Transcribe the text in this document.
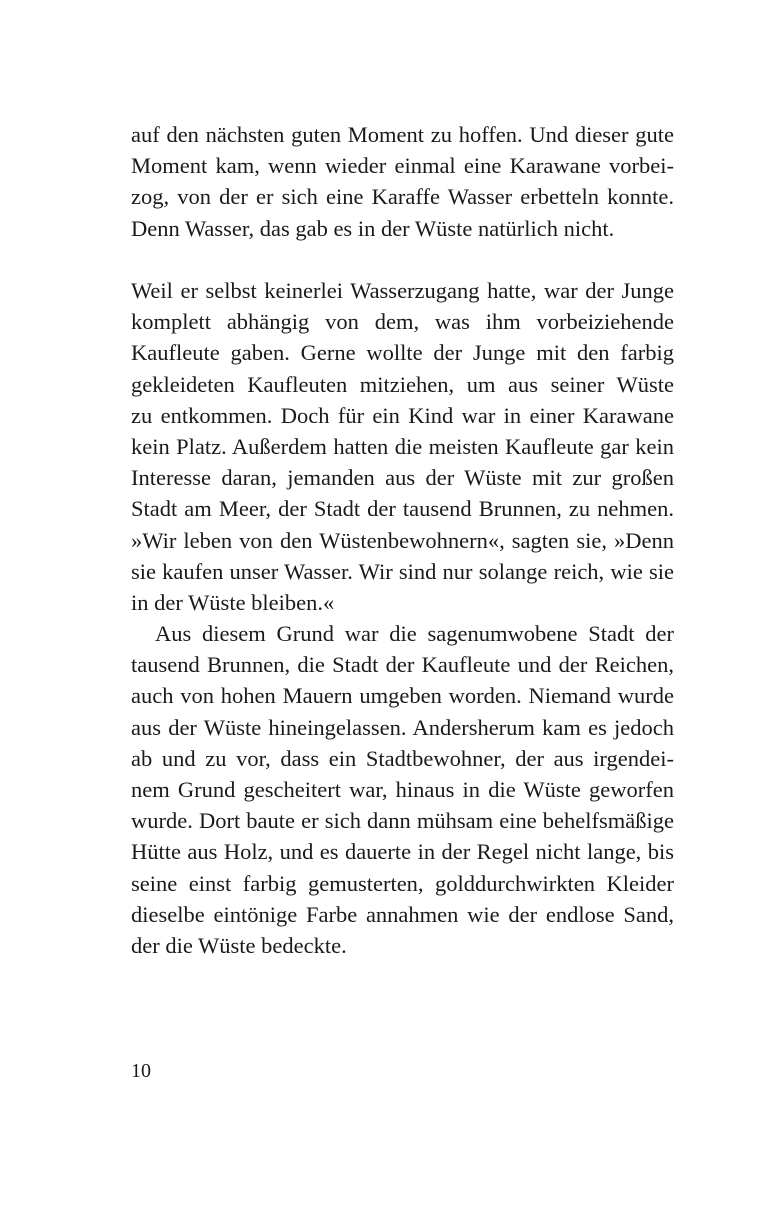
auf den nächsten guten Moment zu hoffen. Und dieser gute
Moment kam, wenn wieder einmal eine Karawane vorbei-
zog, von der er sich eine Karaffe Wasser erbetteln konnte.
Denn Wasser, das gab es in der Wüste natürlich nicht.
Weil er selbst keinerlei Wasserzugang hatte, war der Junge
komplett abhängig von dem, was ihm vorbeiziehende
Kaufleute gaben. Gerne wollte der Junge mit den farbig
gekleideten Kaufleuten mitziehen, um aus seiner Wüste
zu entkommen. Doch für ein Kind war in einer Karawane
kein Platz. Außerdem hatten die meisten Kaufleute gar kein
Interesse daran, jemanden aus der Wüste mit zur großen
Stadt am Meer, der Stadt der tausend Brunnen, zu nehmen.
»Wir leben von den Wüstenbewohnern«, sagten sie, »Denn
sie kaufen unser Wasser. Wir sind nur solange reich, wie sie
in der Wüste bleiben.«
Aus diesem Grund war die sagenumwobene Stadt der
tausend Brunnen, die Stadt der Kaufleute und der Reichen,
auch von hohen Mauern umgeben worden. Niemand wurde
aus der Wüste hineingelassen. Andersherum kam es jedoch
ab und zu vor, dass ein Stadtbewohner, der aus irgendei-
nem Grund gescheitert war, hinaus in die Wüste geworfen
wurde. Dort baute er sich dann mühsam eine behelfsmäßige
Hütte aus Holz, und es dauerte in der Regel nicht lange, bis
seine einst farbig gemusterten, golddurchwirkten Kleider
dieselbe eintönige Farbe annahmen wie der endlose Sand,
der die Wüste bedeckte.
10
